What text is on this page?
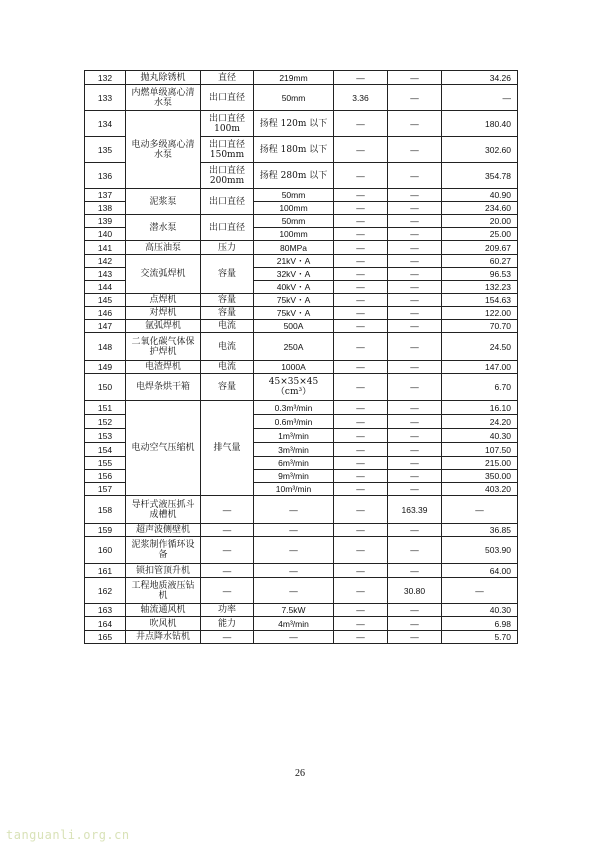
132	抛丸除锈机	直径	219mm	—	—	34.26
133	内燃单级离心清水泵	出口直径	50mm	3.36	—	—
134	电动多级离心清水泵	出口直径100m	扬程 120m 以下	—	—	180.40
135		出口直径150mm	扬程 180m 以下	—	—	302.60
136		出口直径200mm	扬程 280m 以下	—	—	354.78
137	泥浆泵	出口直径	50mm	—	—	40.90
138			100mm	—	—	234.60
139	潜水泵	出口直径	50mm	—	—	20.00
140			100mm	—	—	25.00
141	高压油泵	压力	80MPa	—	—	209.67
142	交流弧焊机	容量	21kV・A	—	—	60.27
143			32kV・A	—	—	96.53
144			40kV・A	—	—	132.23
145	点焊机	容量	75kV・A	—	—	154.63
146	对焊机	容量	75kV・A	—	—	122.00
147	氩弧焊机	电流	500A	—	—	70.70
148	二氧化碳气体保护焊机	电流	250A	—	—	24.50
149	电渣焊机	电流	1000A	—	—	147.00
150	电焊条烘干箱	容量	45×35×45（cm³）	—	—	6.70
151	电动空气压缩机	排气量	0.3m³/min	—	—	16.10
152			0.6m³/min	—	—	24.20
153			1m³/min	—	—	40.30
154			3m³/min	—	—	107.50
155			6m³/min	—	—	215.00
156			9m³/min	—	—	350.00
157			10m³/min	—	—	403.20
158	导杆式液压抓斗成槽机	—	—	—	163.39	—
159	超声波侧壁机	—	—	—	—	36.85
160	泥浆制作循环设备	—	—	—	—	503.90
161	锁扣管顶升机	—	—	—	—	64.00
162	工程地质液压钻机	—	—	—	30.80	—
163	轴流通风机	功率	7.5kW	—	—	40.30
164	吹风机	能力	4m³/min	—	—	6.98
165	井点降水钻机	—	—	—	—	5.70
26
tanguanli.org.cn
